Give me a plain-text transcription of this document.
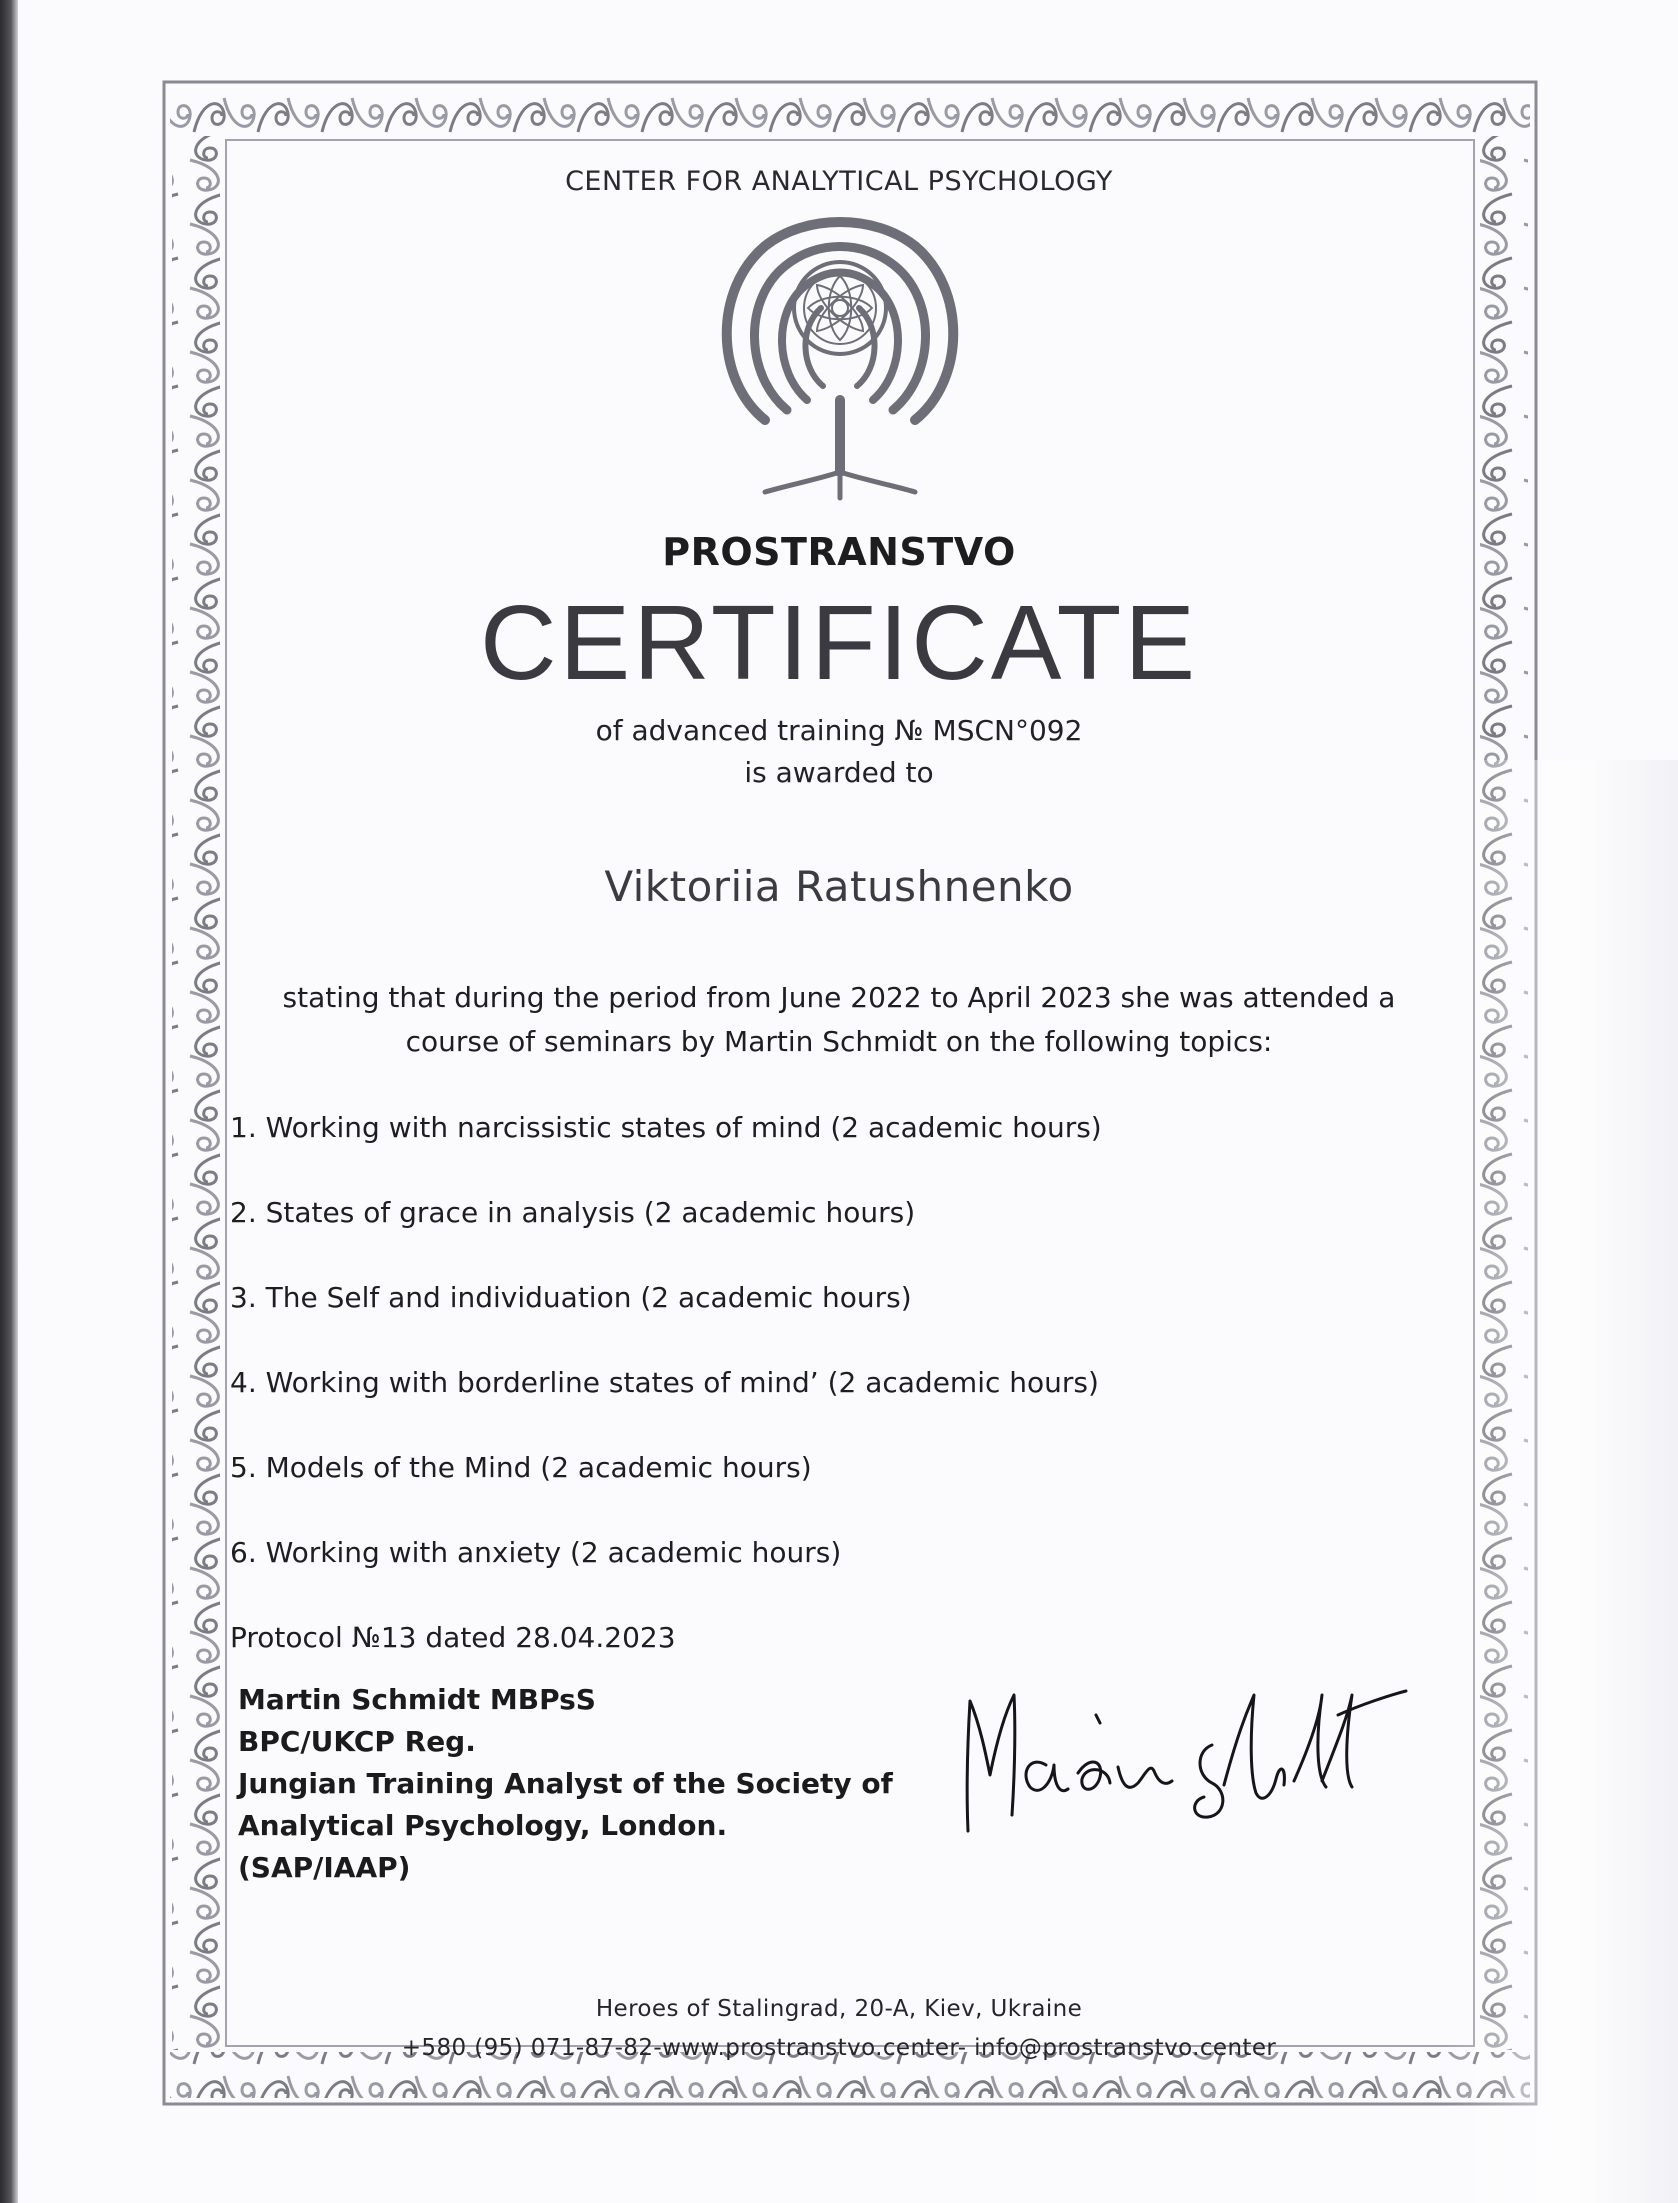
CENTER FOR ANALYTICAL PSYCHOLOGY
PROSTRANSTVO
CERTIFICATE
of advanced training № MSCN°092
is awarded to
Viktoriia Ratushnenko
stating that during the period from June 2022 to April 2023 she was attended a
course of seminars by Martin Schmidt on the following topics:
1. Working with narcissistic states of mind (2 academic hours)
2. States of grace in analysis (2 academic hours)
3. The Self and individuation (2 academic hours)
4. Working with borderline states of mind’ (2 academic hours)
5. Models of the Mind (2 academic hours)
6. Working with anxiety (2 academic hours)
Protocol №13 dated 28.04.2023
Martin Schmidt MBPsS
BPC/UKCP Reg.
Jungian Training Analyst of the Society of
Analytical Psychology, London.
(SAP/IAAP)
Heroes of Stalingrad, 20-A, Kiev, Ukraine
+580 (95) 071-87-82-www.prostranstvo.center- info@prostranstvo.center
